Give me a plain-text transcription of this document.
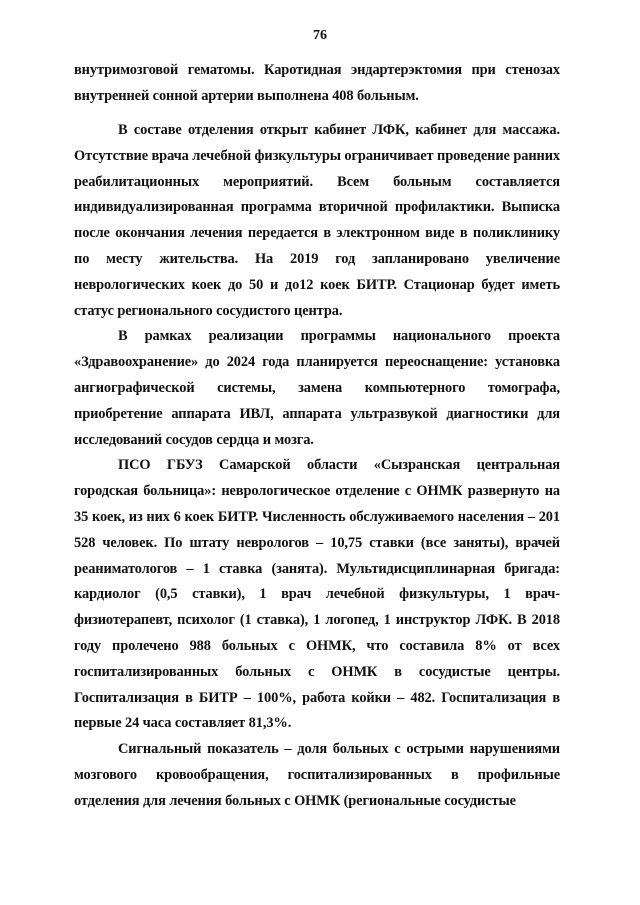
76

внутримозговой гематомы. Каротидная эндартерэктомия при стенозах внутренней сонной артерии выполнена 408 больным.

В составе отделения открыт кабинет ЛФК, кабинет для массажа. Отсутствие врача лечебной физкультуры ограничивает проведение ранних реабилитационных мероприятий. Всем больным составляется индивидуализированная программа вторичной профилактики. Выписка после окончания лечения передается в электронном виде в поликлинику по месту жительства. На 2019 год запланировано увеличение неврологических коек до 50 и до12 коек БИТР. Стационар будет иметь статус регионального сосудистого центра.

В рамках реализации программы национального проекта «Здравоохранение» до 2024 года планируется переоснащение: установка ангиографической системы, замена компьютерного томографа, приобретение аппарата ИВЛ, аппарата ультразвукой диагностики для исследований сосудов сердца и мозга.

ПСО ГБУЗ Самарской области «Сызранская центральная городская больница»: неврологическое отделение с ОНМК развернуто на 35 коек, из них 6 коек БИТР. Численность обслуживаемого населения – 201 528 человек. По штату неврологов – 10,75 ставки (все заняты), врачей реаниматологов – 1 ставка (занята). Мультидисциплинарная бригада: кардиолог (0,5 ставки), 1 врач лечебной физкультуры, 1 врач-физиотерапевт, психолог (1 ставка), 1 логопед, 1 инструктор ЛФК. В 2018 году пролечено 988 больных с ОНМК, что составила 8% от всех госпитализированных больных с ОНМК в сосудистые центры. Госпитализация в БИТР – 100%, работа койки – 482. Госпитализация в первые 24 часа составляет 81,3%.

Сигнальный показатель – доля больных с острыми нарушениями мозгового кровообращения, госпитализированных в профильные отделения для лечения больных с ОНМК (региональные сосудистые
